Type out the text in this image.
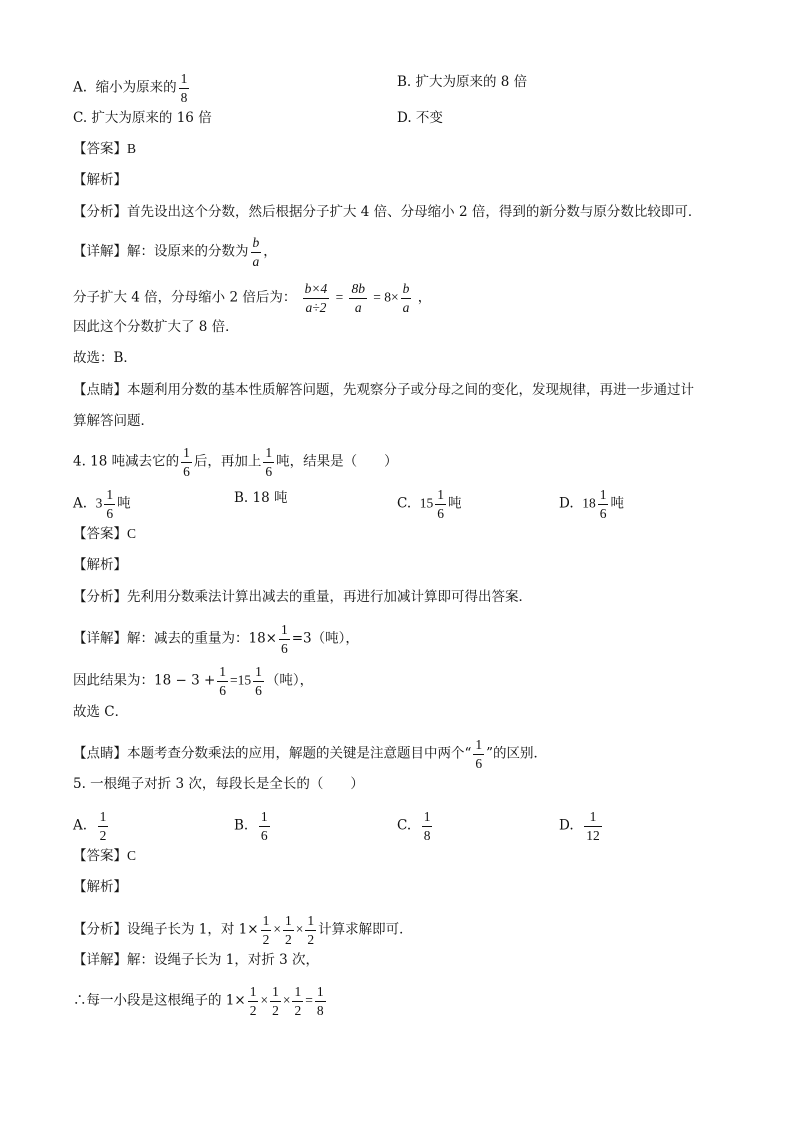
A. 缩小为原来的 $\frac{1}{8}$	B. 扩大为原来的 8 倍
C. 扩大为原来的 16 倍	D. 不变
【答案】B
【解析】
【分析】首先设出这个分数，然后根据分子扩大 4 倍、分母缩小 2 倍，得到的新分数与原分数比较即可．
【详解】解：设原来的分数为 $\frac{b}{a}$ ，
分子扩大 4 倍，分母缩小 2 倍后为： $\frac{b\times 4}{a\div 2} = \frac{8b}{a} = 8\times \frac{b}{a}$ ，
因此这个分数扩大了 8 倍．
故选：B．
【点睛】本题利用分数的基本性质解答问题，先观察分子或分母之间的变化，发现规律，再进一步通过计
算解答问题．
4. 18 吨减去它的 $\frac{1}{6}$ 后，再加上 $\frac{1}{6}$ 吨，结果是（　　）
A. $3 \frac{1}{6}$ 吨	B. 18 吨	C. $15 \frac{1}{6}$ 吨	D. $18 \frac{1}{6}$ 吨
【答案】C
【解析】
【分析】先利用分数乘法计算出减去的重量，再进行加减计算即可得出答案．
【详解】解：减去的重量为：$18\times \frac{1}{6} =3$（吨），
因此结果为：$18 - 3 + \frac{1}{6} =15 \frac{1}{6}$ （吨），
故选 C．
【点睛】本题考查分数乘法的应用，解题的关键是注意题目中两个“ $\frac{1}{6}$ ”的区别．
5. 一根绳子对折 3 次，每段长是全长的（　　）
A. $\frac{1}{2}$	B. $\frac{1}{6}$	C. $\frac{1}{8}$	D. $\frac{1}{12}$
【答案】C
【解析】
【分析】设绳子长为 1，对 $1\times \frac{1}{2} \times \frac{1}{2} \times \frac{1}{2}$ 计算求解即可．
【详解】解：设绳子长为 1，对折 3 次，
∴每一小段是这根绳子的 $1\times \frac{1}{2} \times \frac{1}{2} \times \frac{1}{2} = \frac{1}{8}$
